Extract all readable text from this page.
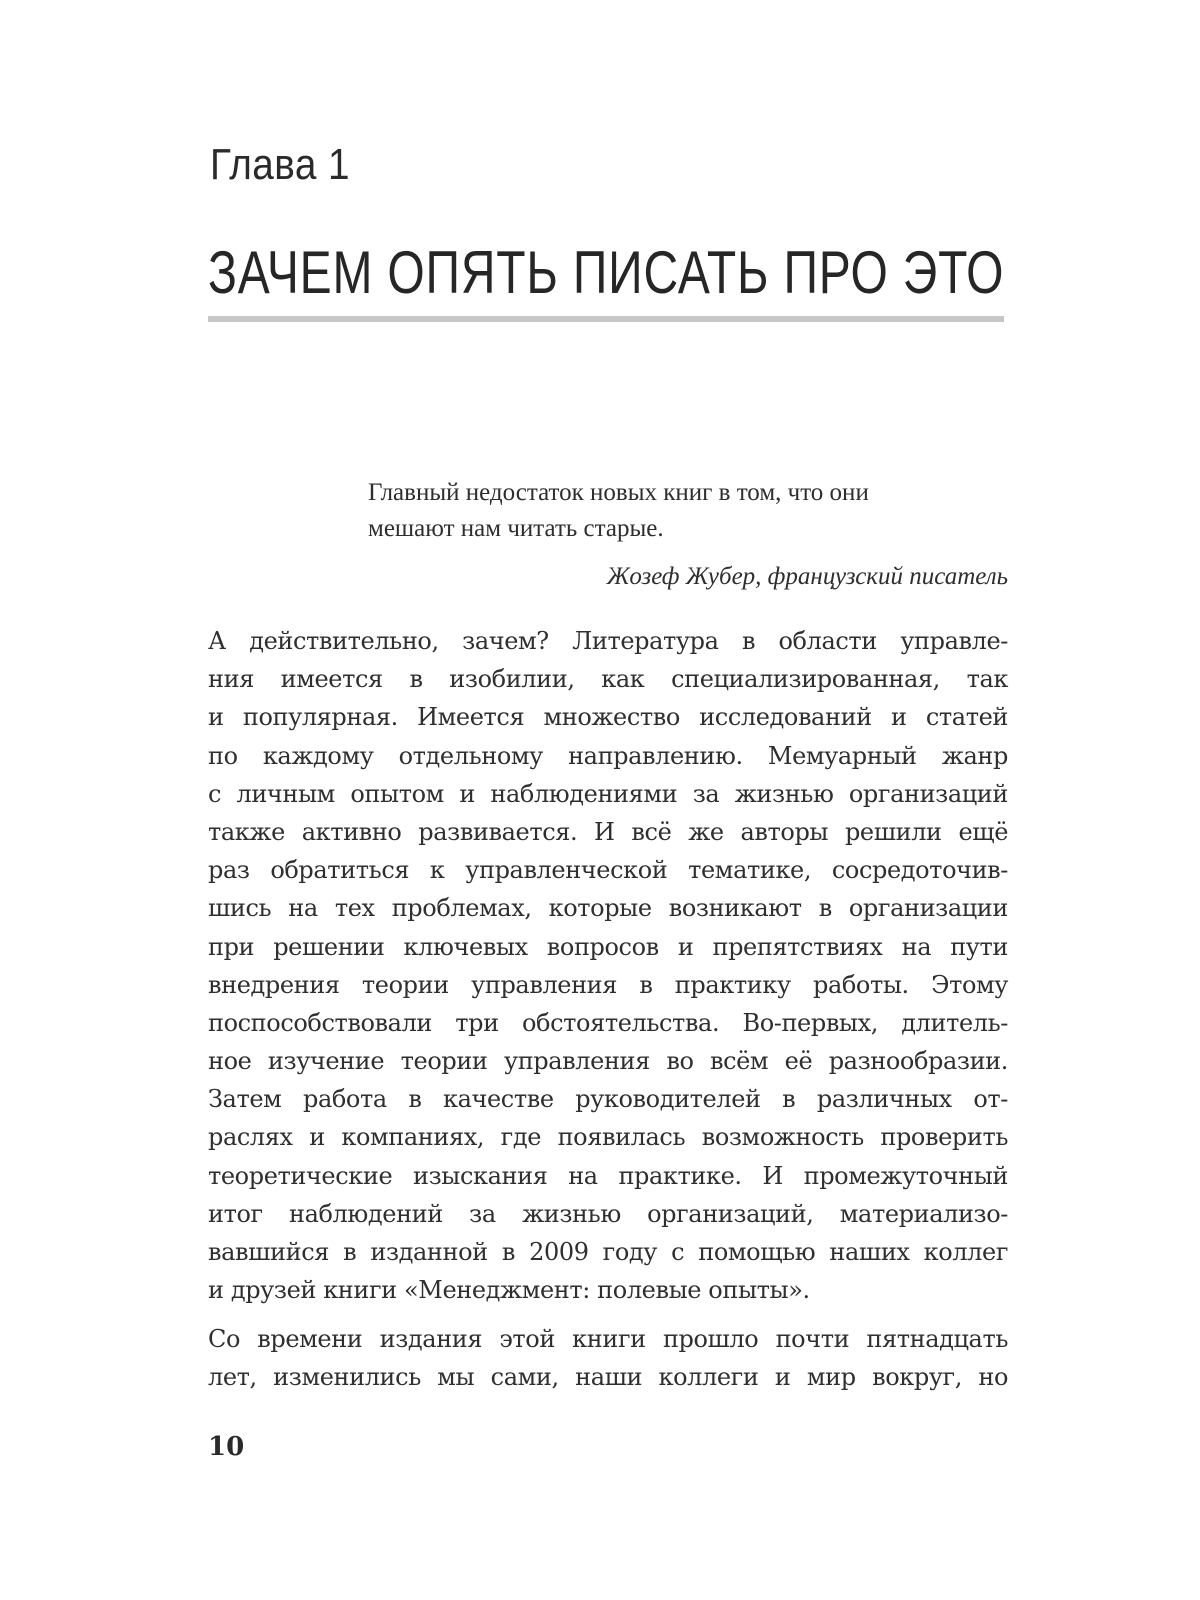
Глава 1
ЗАЧЕМ ОПЯТЬ ПИСАТЬ ПРО ЭТО
Главный недостаток новых книг в том, что они
мешают нам читать старые.
Жозеф Жубер, французский писатель
А действительно, зачем? Литература в области управле-
ния имеется в изобилии, как специализированная, так
и популярная. Имеется множество исследований и статей
по каждому отдельному направлению. Мемуарный жанр
с личным опытом и наблюдениями за жизнью организаций
также активно развивается. И всё же авторы решили ещё
раз обратиться к управленческой тематике, сосредоточив-
шись на тех проблемах, которые возникают в организации
при решении ключевых вопросов и препятствиях на пути
внедрения теории управления в практику работы. Этому
поспособствовали три обстоятельства. Во-первых, длитель-
ное изучение теории управления во всём её разнообразии.
Затем работа в качестве руководителей в различных от-
раслях и компаниях, где появилась возможность проверить
теоретические изыскания на практике. И промежуточный
итог наблюдений за жизнью организаций, материализо-
вавшийся в изданной в 2009 году с помощью наших коллег
и друзей книги «Менеджмент: полевые опыты».
Со времени издания этой книги прошло почти пятнадцать
лет, изменились мы сами, наши коллеги и мир вокруг, но
10
